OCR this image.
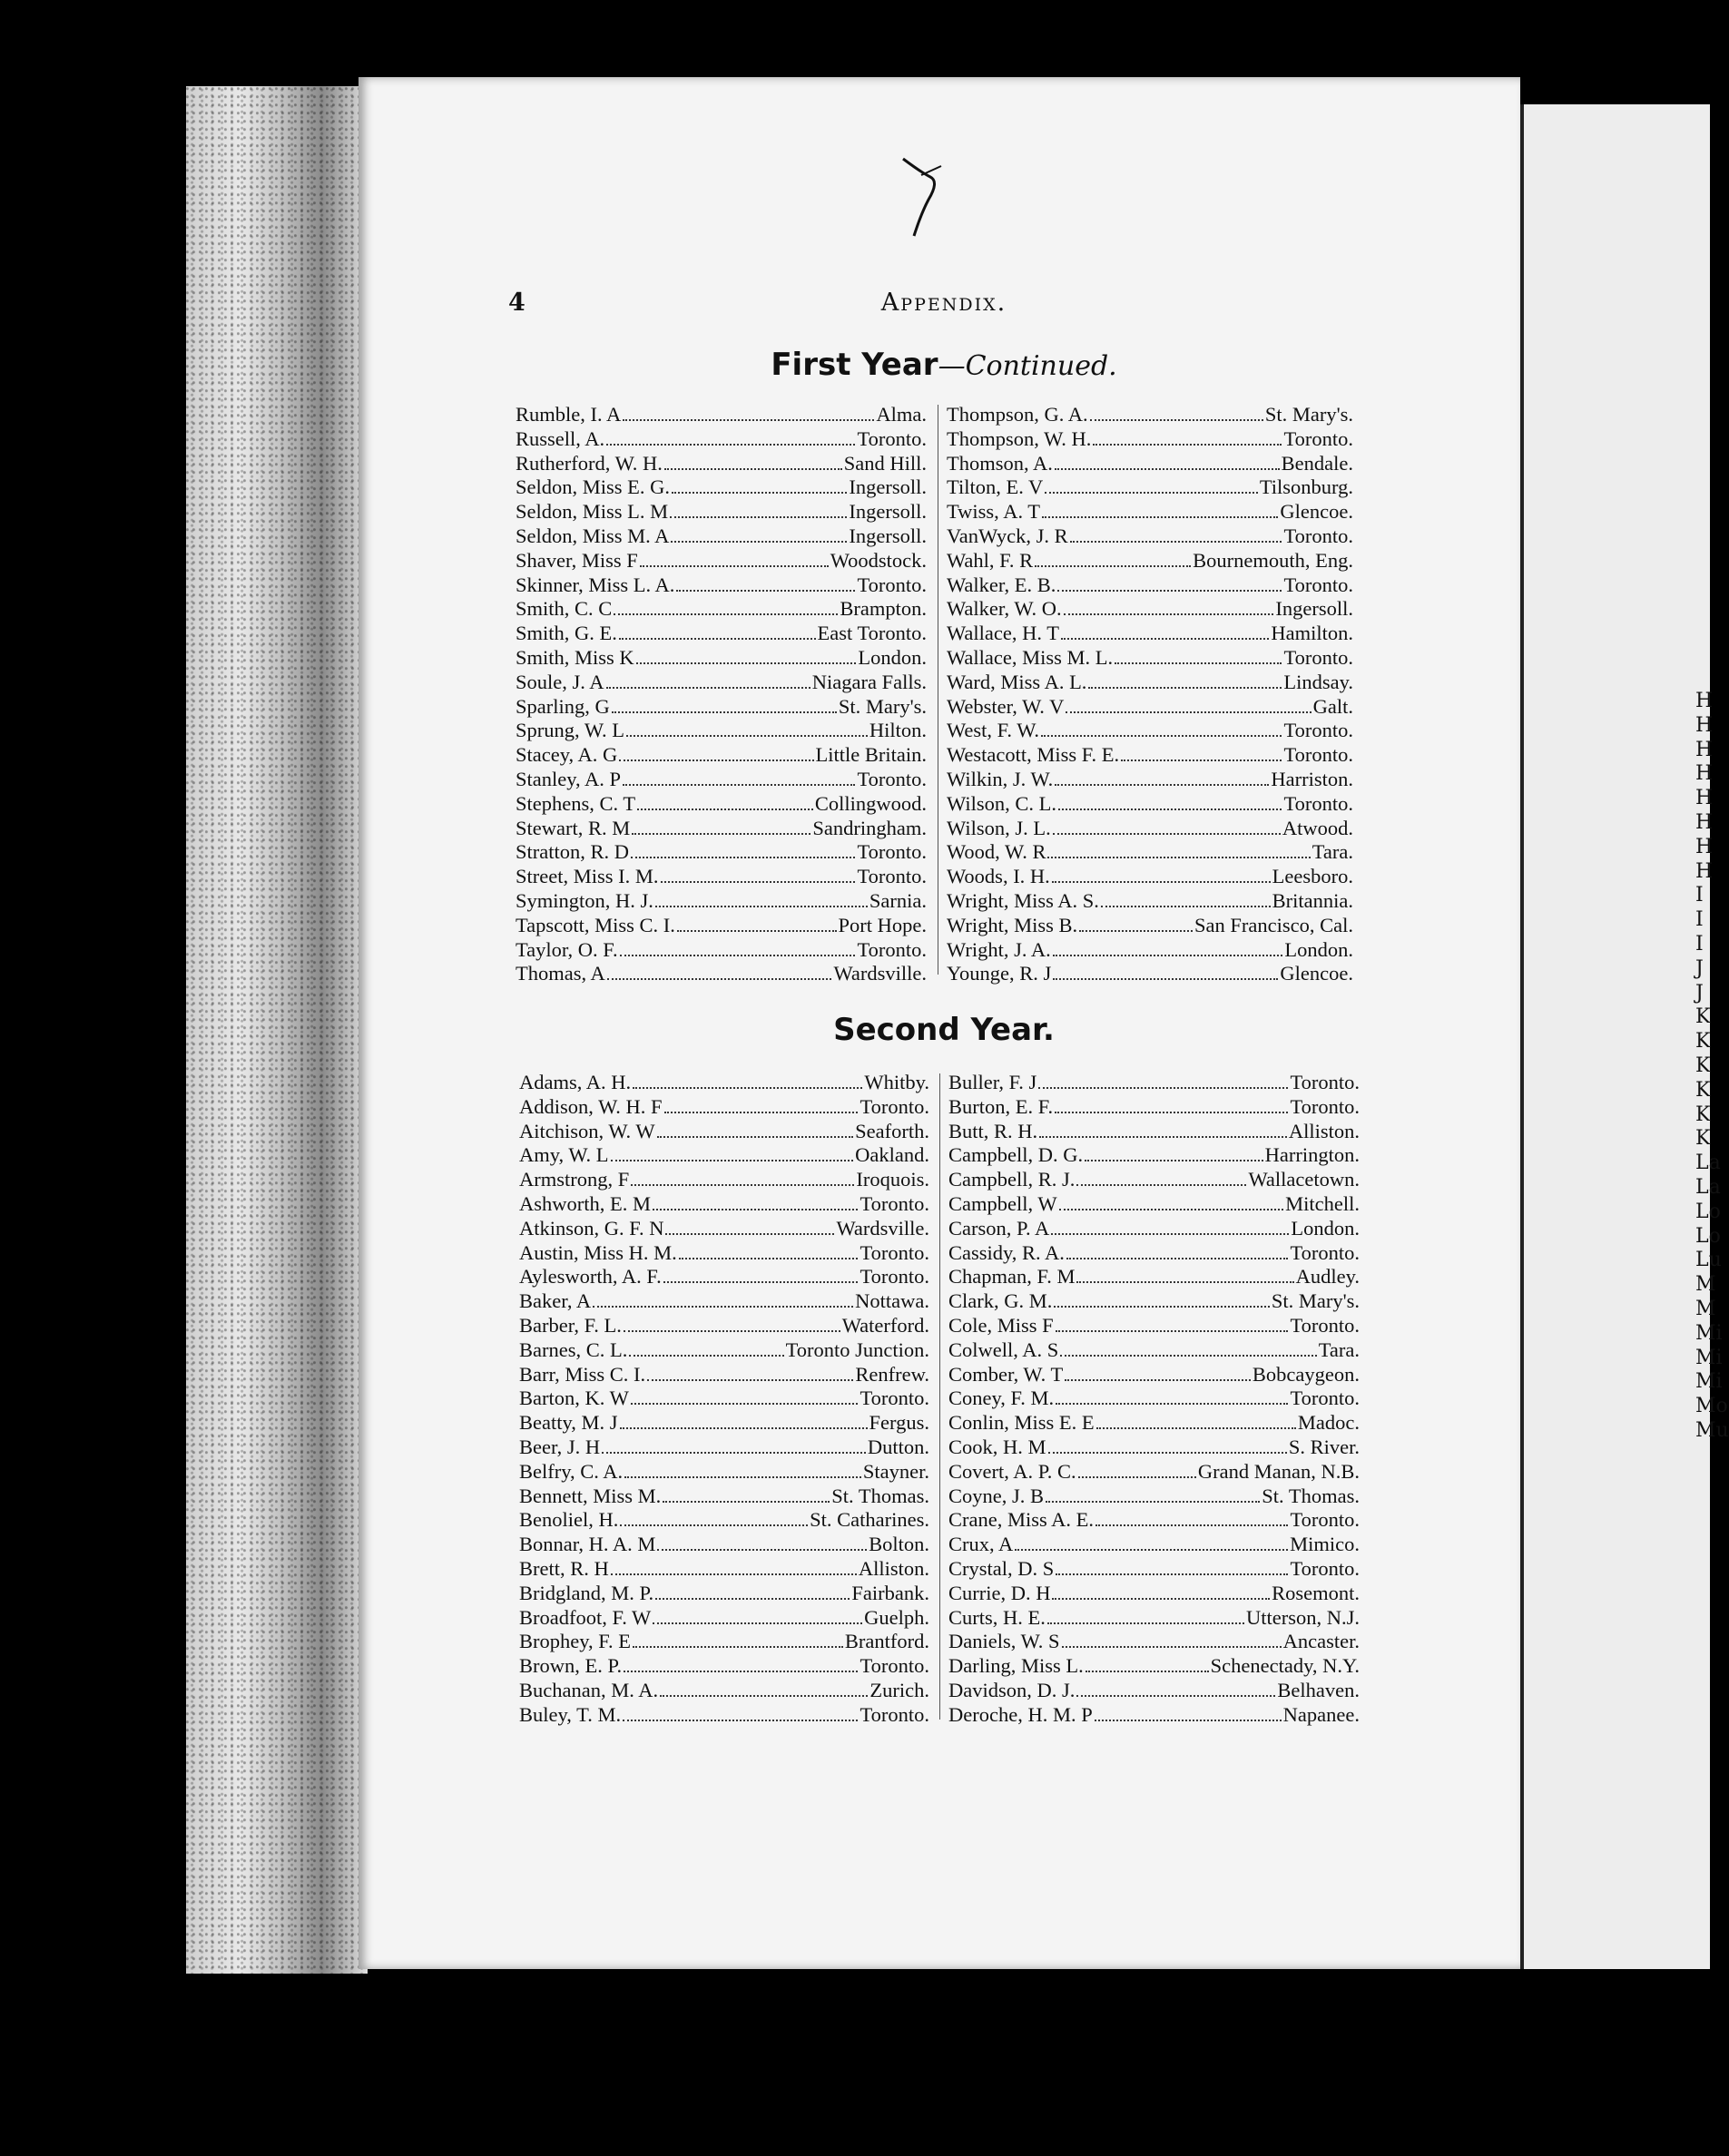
H
H
H
H
H
H
H
H
I
I
I
J
J
K
K
K
K
K
K
La
La
Lo
Lo
Lu
M
M
Mi
Mi
Mi
Mo
Mu
4	Appendix.
First Year—Continued.
Rumble, I. A	Alma.
Russell, A.	Toronto.
Rutherford, W. H.	Sand Hill.
Seldon, Miss E. G.	Ingersoll.
Seldon, Miss L. M	Ingersoll.
Seldon, Miss M. A	Ingersoll.
Shaver, Miss F	Woodstock.
Skinner, Miss L. A.	Toronto.
Smith, C. C	Brampton.
Smith, G. E.	East Toronto.
Smith, Miss K	London.
Soule, J. A	Niagara Falls.
Sparling, G	St. Mary's.
Sprung, W. L	Hilton.
Stacey, A. G	Little Britain.
Stanley, A. P	Toronto.
Stephens, C. T	Collingwood.
Stewart, R. M	Sandringham.
Stratton, R. D	Toronto.
Street, Miss I. M.	Toronto.
Symington, H. J.	Sarnia.
Tapscott, Miss C. I.	Port Hope.
Taylor, O. F.	Toronto.
Thomas, A	Wardsville.
Thompson, G. A.	St. Mary's.
Thompson, W. H.	Toronto.
Thomson, A.	Bendale.
Tilton, E. V	Tilsonburg.
Twiss, A. T	Glencoe.
VanWyck, J. R	Toronto.
Wahl, F. R	Bournemouth, Eng.
Walker, E. B.	Toronto.
Walker, W. O.	Ingersoll.
Wallace, H. T	Hamilton.
Wallace, Miss M. L.	Toronto.
Ward, Miss A. L.	Lindsay.
Webster, W. V	Galt.
West, F. W.	Toronto.
Westacott, Miss F. E.	Toronto.
Wilkin, J. W.	Harriston.
Wilson, C. L.	Toronto.
Wilson, J. L.	Atwood.
Wood, W. R	Tara.
Woods, I. H.	Leesboro.
Wright, Miss A. S.	Britannia.
Wright, Miss B.	San Francisco, Cal.
Wright, J. A.	London.
Younge, R. J	Glencoe.
Second Year.
Adams, A. H.	Whitby.
Addison, W. H. F	Toronto.
Aitchison, W. W	Seaforth.
Amy, W. L	Oakland.
Armstrong, F	Iroquois.
Ashworth, E. M	Toronto.
Atkinson, G. F. N	Wardsville.
Austin, Miss H. M.	Toronto.
Aylesworth, A. F.	Toronto.
Baker, A	Nottawa.
Barber, F. L.	Waterford.
Barnes, C. L.	Toronto Junction.
Barr, Miss C. I.	Renfrew.
Barton, K. W	Toronto.
Beatty, M. J	Fergus.
Beer, J. H	Dutton.
Belfry, C. A.	Stayner.
Bennett, Miss M.	St. Thomas.
Benoliel, H.	St. Catharines.
Bonnar, H. A. M	Bolton.
Brett, R. H	Alliston.
Bridgland, M. P.	Fairbank.
Broadfoot, F. W	Guelph.
Brophey, F. E	Brantford.
Brown, E. P.	Toronto.
Buchanan, M. A.	Zurich.
Buley, T. M.	Toronto.
Buller, F. J	Toronto.
Burton, E. F.	Toronto.
Butt, R. H.	Alliston.
Campbell, D. G.	Harrington.
Campbell, R. J.	Wallacetown.
Campbell, W	Mitchell.
Carson, P. A	London.
Cassidy, R. A.	Toronto.
Chapman, F. M	Audley.
Clark, G. M.	St. Mary's.
Cole, Miss F	Toronto.
Colwell, A. S	Tara.
Comber, W. T	Bobcaygeon.
Coney, F. M.	Toronto.
Conlin, Miss E. E	Madoc.
Cook, H. M	S. River.
Covert, A. P. C.	Grand Manan, N.B.
Coyne, J. B	St. Thomas.
Crane, Miss A. E.	Toronto.
Crux, A	Mimico.
Crystal, D. S	Toronto.
Currie, D. H	Rosemont.
Curts, H. E.	Utterson, N.J.
Daniels, W. S	Ancaster.
Darling, Miss L.	Schenectady, N.Y.
Davidson, D. J.	Belhaven.
Deroche, H. M. P	Napanee.
